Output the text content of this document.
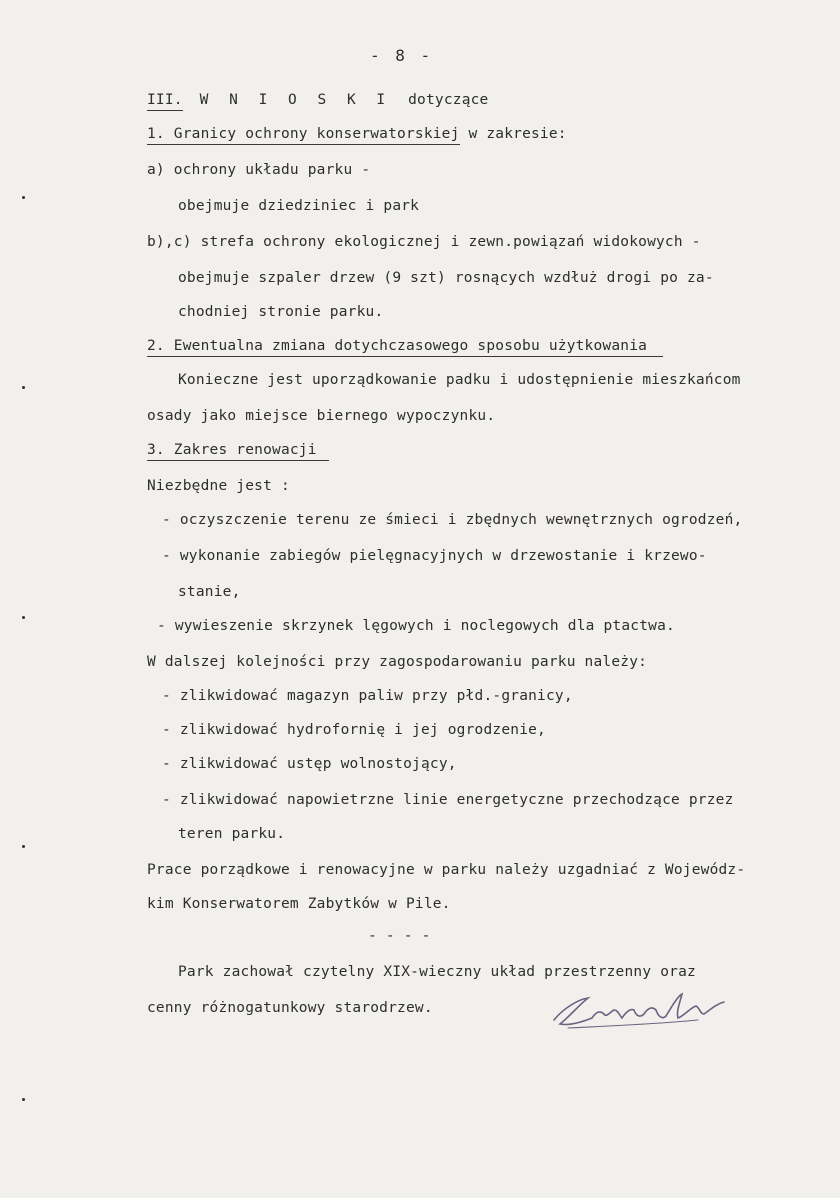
- 8 -
III. W N I O S K I dotyczące
1. Granicy ochrony konserwatorskiej w zakresie:
a) ochrony układu parku -
obejmuje dziedziniec i park
b),c) strefa ochrony ekologicznej i zewn.powiązań widokowych -
obejmuje szpaler drzew (9 szt) rosnących wzdłuż drogi po za-
chodniej stronie parku.
2. Ewentualna zmiana dotychczasowego sposobu użytkowania
Konieczne jest uporządkowanie padku i udostępnienie mieszkańcom
osady jako miejsce biernego wypoczynku.
3. Zakres renowacji
Niezbędne jest :
- oczyszczenie terenu ze śmieci i zbędnych wewnętrznych ogrodzeń,
- wykonanie zabiegów pielęgnacyjnych w drzewostanie i krzewo-
stanie,
- wywieszenie skrzynek lęgowych i noclegowych dla ptactwa.
W dalszej kolejności przy zagospodarowaniu parku należy:
- zlikwidować magazyn paliw przy płd.-granicy,
- zlikwidować hydrofornię i jej ogrodzenie,
- zlikwidować ustęp wolnostojący,
- zlikwidować napowietrzne linie energetyczne przechodzące przez
teren parku.
Prace porządkowe i renowacyjne w parku należy uzgadniać z Wojewódz-
kim Konserwatorem Zabytków w Pile.
- - - -
Park zachował czytelny XIX-wieczny układ przestrzenny oraz
cenny różnogatunkowy starodrzew.
